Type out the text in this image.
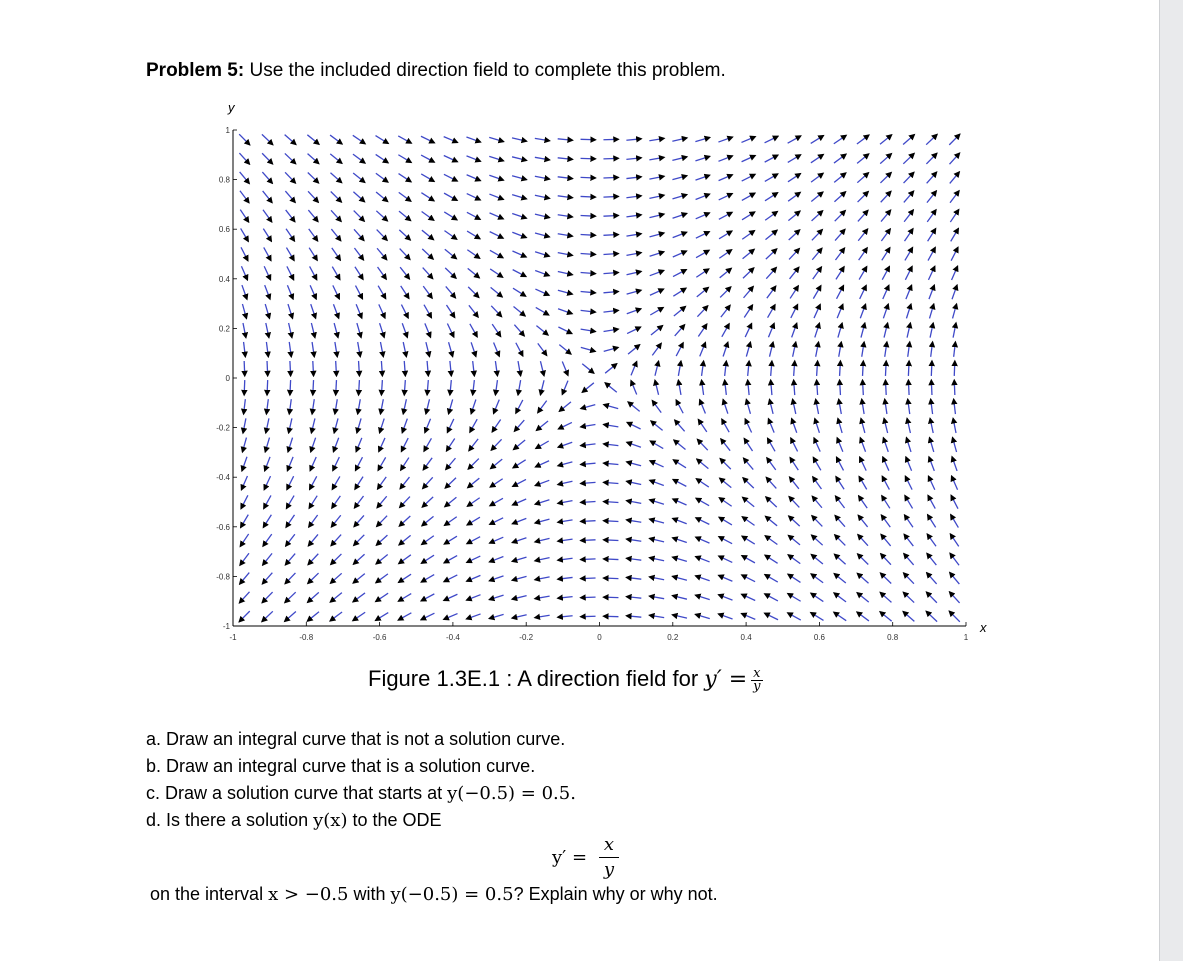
Problem 5: Use the included direction field to complete this problem.
x
y
-1	-0.8	-0.6	-0.4	-0.2	0	0.2	0.4	0.6	0.8	1
-1
-0.8
-0.6
-0.4
-0.2
0
0.2
0.4
0.6
0.8
1
Figure 1.3E.1 : A direction field for $y' = \frac{x}{y}$
a. Draw an integral curve that is not a solution curve.
b. Draw an integral curve that is a solution curve.
c. Draw a solution curve that starts at y(−0.5) = 0.5.
d. Is there a solution y(x) to the ODE
y′ =
x
y
on the interval x > −0.5 with y(−0.5) = 0.5? Explain why or why not.
